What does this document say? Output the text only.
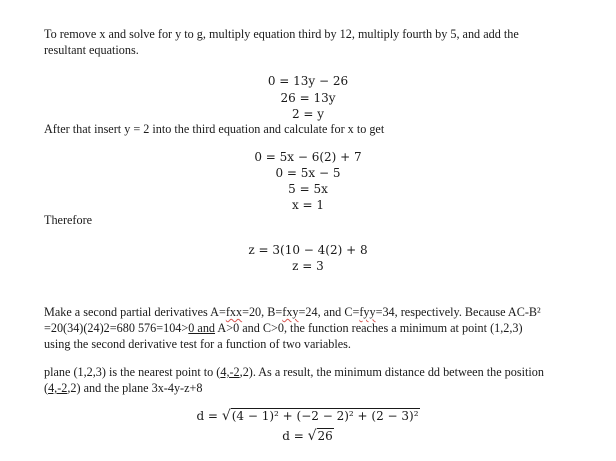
To remove x and solve for y to g, multiply equation third by 12, multiply fourth by 5, and add the
resultant equations.
0 = 13y − 26
26 = 13y
2 = y
After that insert y = 2 into the third equation and calculate for x to get
0 = 5x − 6(2) + 7
0 = 5x − 5
5 = 5x
x = 1
Therefore
z = 3(10 − 4(2) + 8
z = 3
Make a second partial derivatives A=fxx=20, B=fxy=24, and C=fyy=34, respectively. Because AC-B²
=20(34)(24)2=680 576=104>0 and A>0 and C>0, the function reaches a minimum at point (1,2,3)
using the second derivative test for a function of two variables.
plane (1,2,3) is the nearest point to (4,-2,2). As a result, the minimum distance dd between the position
(4,-2,2) and the plane 3x-4y-z+8
d = √(4 − 1)² + (−2 − 2)² + (2 − 3)²
d = √26
